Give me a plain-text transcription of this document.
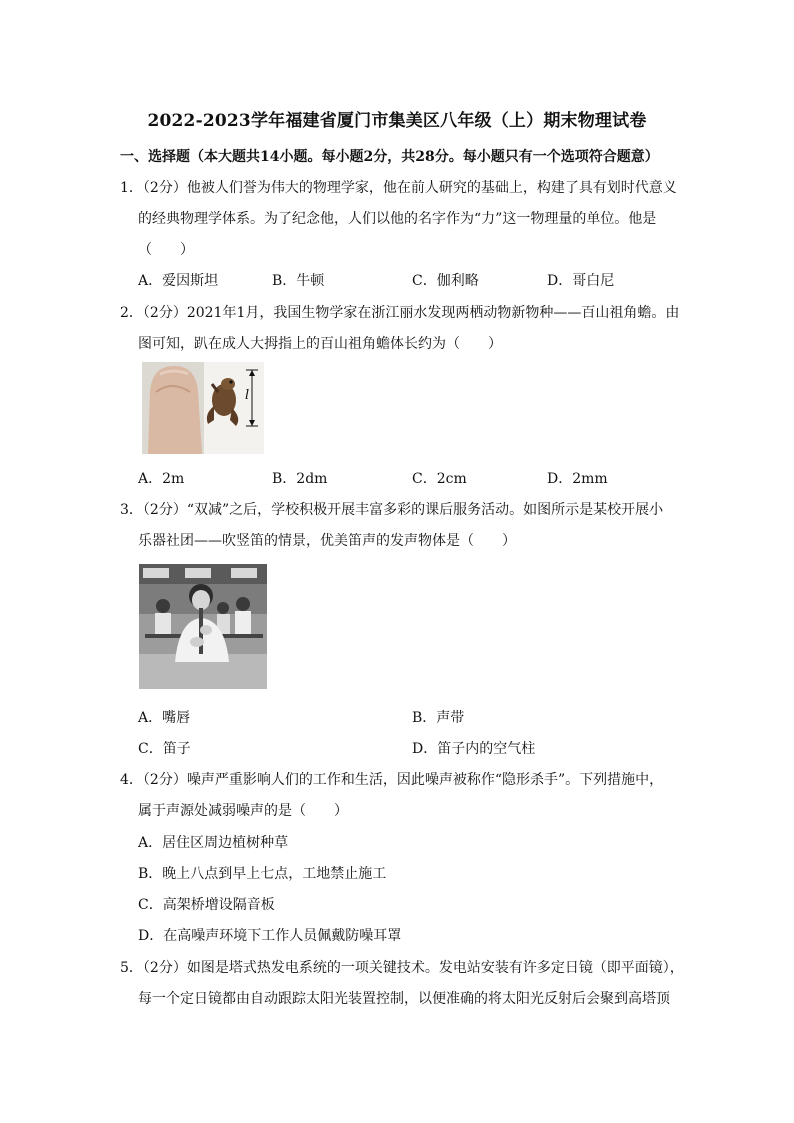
2022-2023学年福建省厦门市集美区八年级（上）期末物理试卷
一、选择题（本大题共14小题。每小题2分，共28分。每小题只有一个选项符合题意）
1．（2分）他被人们誉为伟大的物理学家，他在前人研究的基础上，构建了具有划时代意义
的经典物理学体系。为了纪念他，人们以他的名字作为“力”这一物理量的单位。他是
（　　）
A．爱因斯坦	B．牛顿	C．伽利略	D．哥白尼
2．（2分）2021年1月，我国生物学家在浙江丽水发现两栖动物新物种——百山祖角蟾。由
图可知，趴在成人大拇指上的百山祖角蟾体长约为（　　）
l
A．2m	B．2dm	C．2cm	D．2mm
3．（2分）“双减”之后，学校积极开展丰富多彩的课后服务活动。如图所示是某校开展小
乐器社团——吹竖笛的情景，优美笛声的发声物体是（　　）
A．嘴唇	B．声带
C．笛子	D．笛子内的空气柱
4．（2分）噪声严重影响人们的工作和生活，因此噪声被称作“隐形杀手”。下列措施中，
属于声源处减弱噪声的是（　　）
A．居住区周边植树种草
B．晚上八点到早上七点，工地禁止施工
C．高架桥增设隔音板
D．在高噪声环境下工作人员佩戴防噪耳罩
5．（2分）如图是塔式热发电系统的一项关键技术。发电站安装有许多定日镜（即平面镜），
每一个定日镜都由自动跟踪太阳光装置控制，以便准确的将太阳光反射后会聚到高塔顶
